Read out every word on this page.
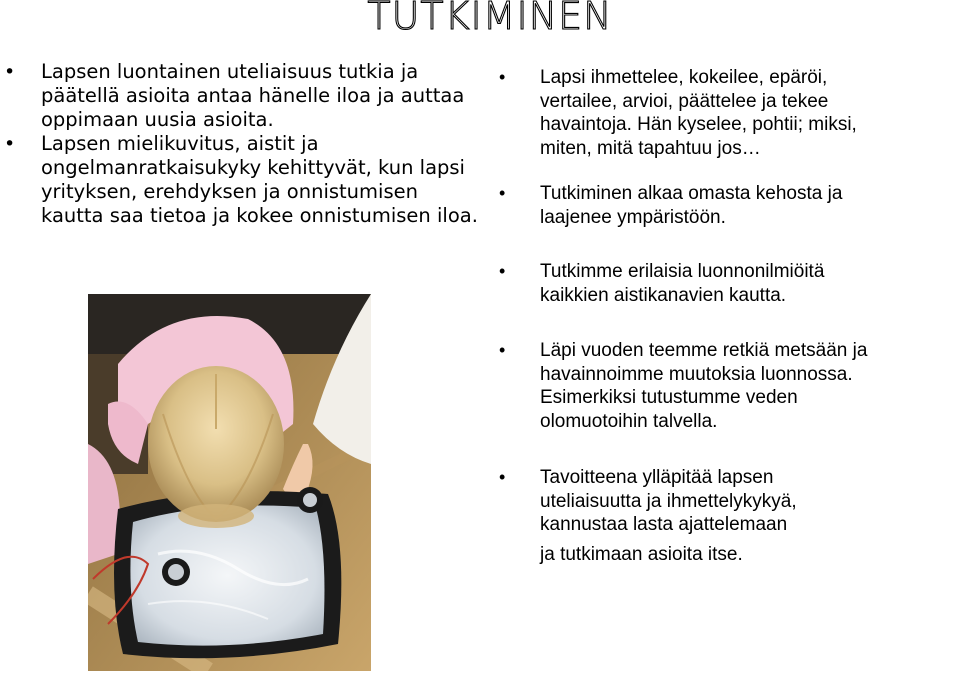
TUTKIMINEN
• Lapsen luontainen uteliaisuus tutkia ja päätellä asioita antaa hänelle iloa ja auttaa oppimaan uusia asioita.
• Lapsen mielikuvitus, aistit ja ongelmanratkaisukyky kehittyvät, kun lapsi yrityksen, erehdyksen ja onnistumisen kautta saa tietoa ja kokee onnistumisen iloa.
• Lapsi ihmettelee, kokeilee, epäröi,
vertailee, arvioi, päättelee ja tekee
havaintoja. Hän kyselee, pohtii; miksi,
miten, mitä tapahtuu jos…
• Tutkiminen alkaa omasta kehosta ja
laajenee ympäristöön.
• Tutkimme erilaisia luonnonilmiöitä
kaikkien aistikanavien kautta.
• Läpi vuoden teemme retkiä metsään ja
havainnoimme muutoksia luonnossa.
Esimerkiksi tutustumme veden
olomuotoihin talvella.
• Tavoitteena ylläpitää lapsen
uteliaisuutta ja ihmettelykykyä,
kannustaa lasta ajattelemaan
ja tutkimaan asioita itse.
